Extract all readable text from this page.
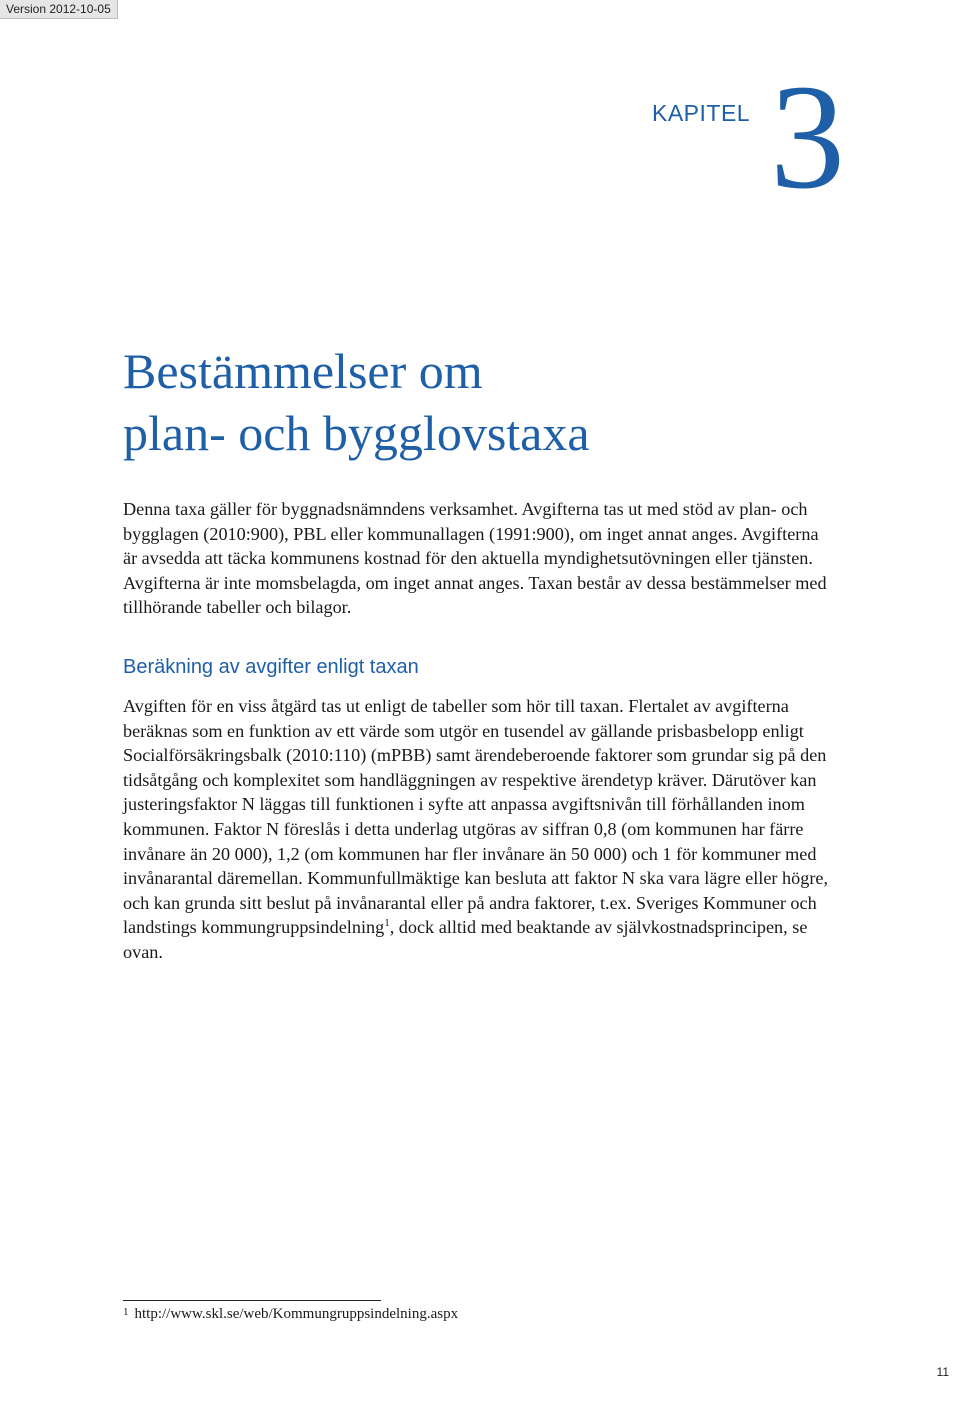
Version 2012-10-05
KAPITEL 3
Bestämmelser om
plan- och bygglovstaxa

Denna taxa gäller för byggnadsnämndens verksamhet. Avgifterna tas ut med stöd av plan- och
bygglagen (2010:900), PBL eller kommunallagen (1991:900), om inget annat anges. Avgifterna
är avsedda att täcka kommunens kostnad för den aktuella myndighetsutövningen eller tjänsten.
Avgifterna är inte momsbelagda, om inget annat anges. Taxan består av dessa bestämmelser med
tillhörande tabeller och bilagor.

Beräkning av avgifter enligt taxan

Avgiften för en viss åtgärd tas ut enligt de tabeller som hör till taxan. Flertalet av avgifterna
beräknas som en funktion av ett värde som utgör en tusendel av gällande prisbasbelopp enligt
Socialförsäkringsbalk (2010:110) (mPBB) samt ärendeberoende faktorer som grundar sig på den
tidsåtgång och komplexitet som handläggningen av respektive ärendetyp kräver. Därutöver kan
justeringsfaktor N läggas till funktionen i syfte att anpassa avgiftsnivån till förhållanden inom
kommunen. Faktor N föreslås i detta underlag utgöras av siffran 0,8 (om kommunen har färre
invånare än 20 000), 1,2 (om kommunen har fler invånare än 50 000) och 1 för kommuner med
invånarantal däremellan. Kommunfullmäktige kan besluta att faktor N ska vara lägre eller högre,
och kan grunda sitt beslut på invånarantal eller på andra faktorer, t.ex. Sveriges Kommuner och
landstings kommungruppsindelning$^1$, dock alltid med beaktande av självkostnadsprincipen, se
ovan.

$^1$ http://www.skl.se/web/Kommungruppsindelning.aspx
11
